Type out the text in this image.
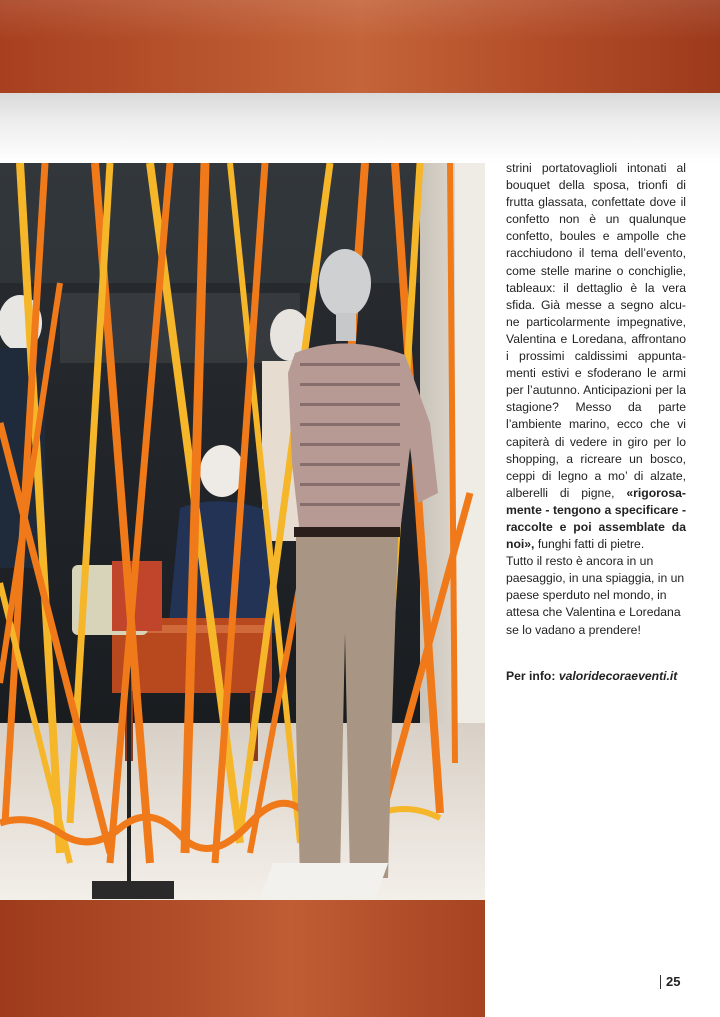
strini portatovaglioli intonati al bouquet della sposa, trionfi di frutta glassata, confettate dove il confetto non è un qualunque confetto, boules e ampolle che racchiudono il tema dell’evento, come stelle marine o conchiglie, tableaux: il dettaglio è la vera sfida. Già messe a segno alcu-ne particolarmente impegnative, Valentina e Loredana, affrontano i prossimi caldissimi appunta-menti estivi e sfoderano le armi per l’autunno. Anticipazioni per la stagione? Messo da parte l’ambiente marino, ecco che vi capiterà di vedere in giro per lo shopping, a ricreare un bosco, ceppi di legno a mo’ di alzate, alberelli di pigne, «rigorosa-mente - tengono a specificare - raccolte e poi assemblate da noi», funghi fatti di pietre.

Tutto il resto è ancora in un paesaggio, in una spiaggia, in un paese sperduto nel mondo, in attesa che Valentina e Loredana se lo vadano a prendere!

Per info: valoridecoraeventi.it
25
